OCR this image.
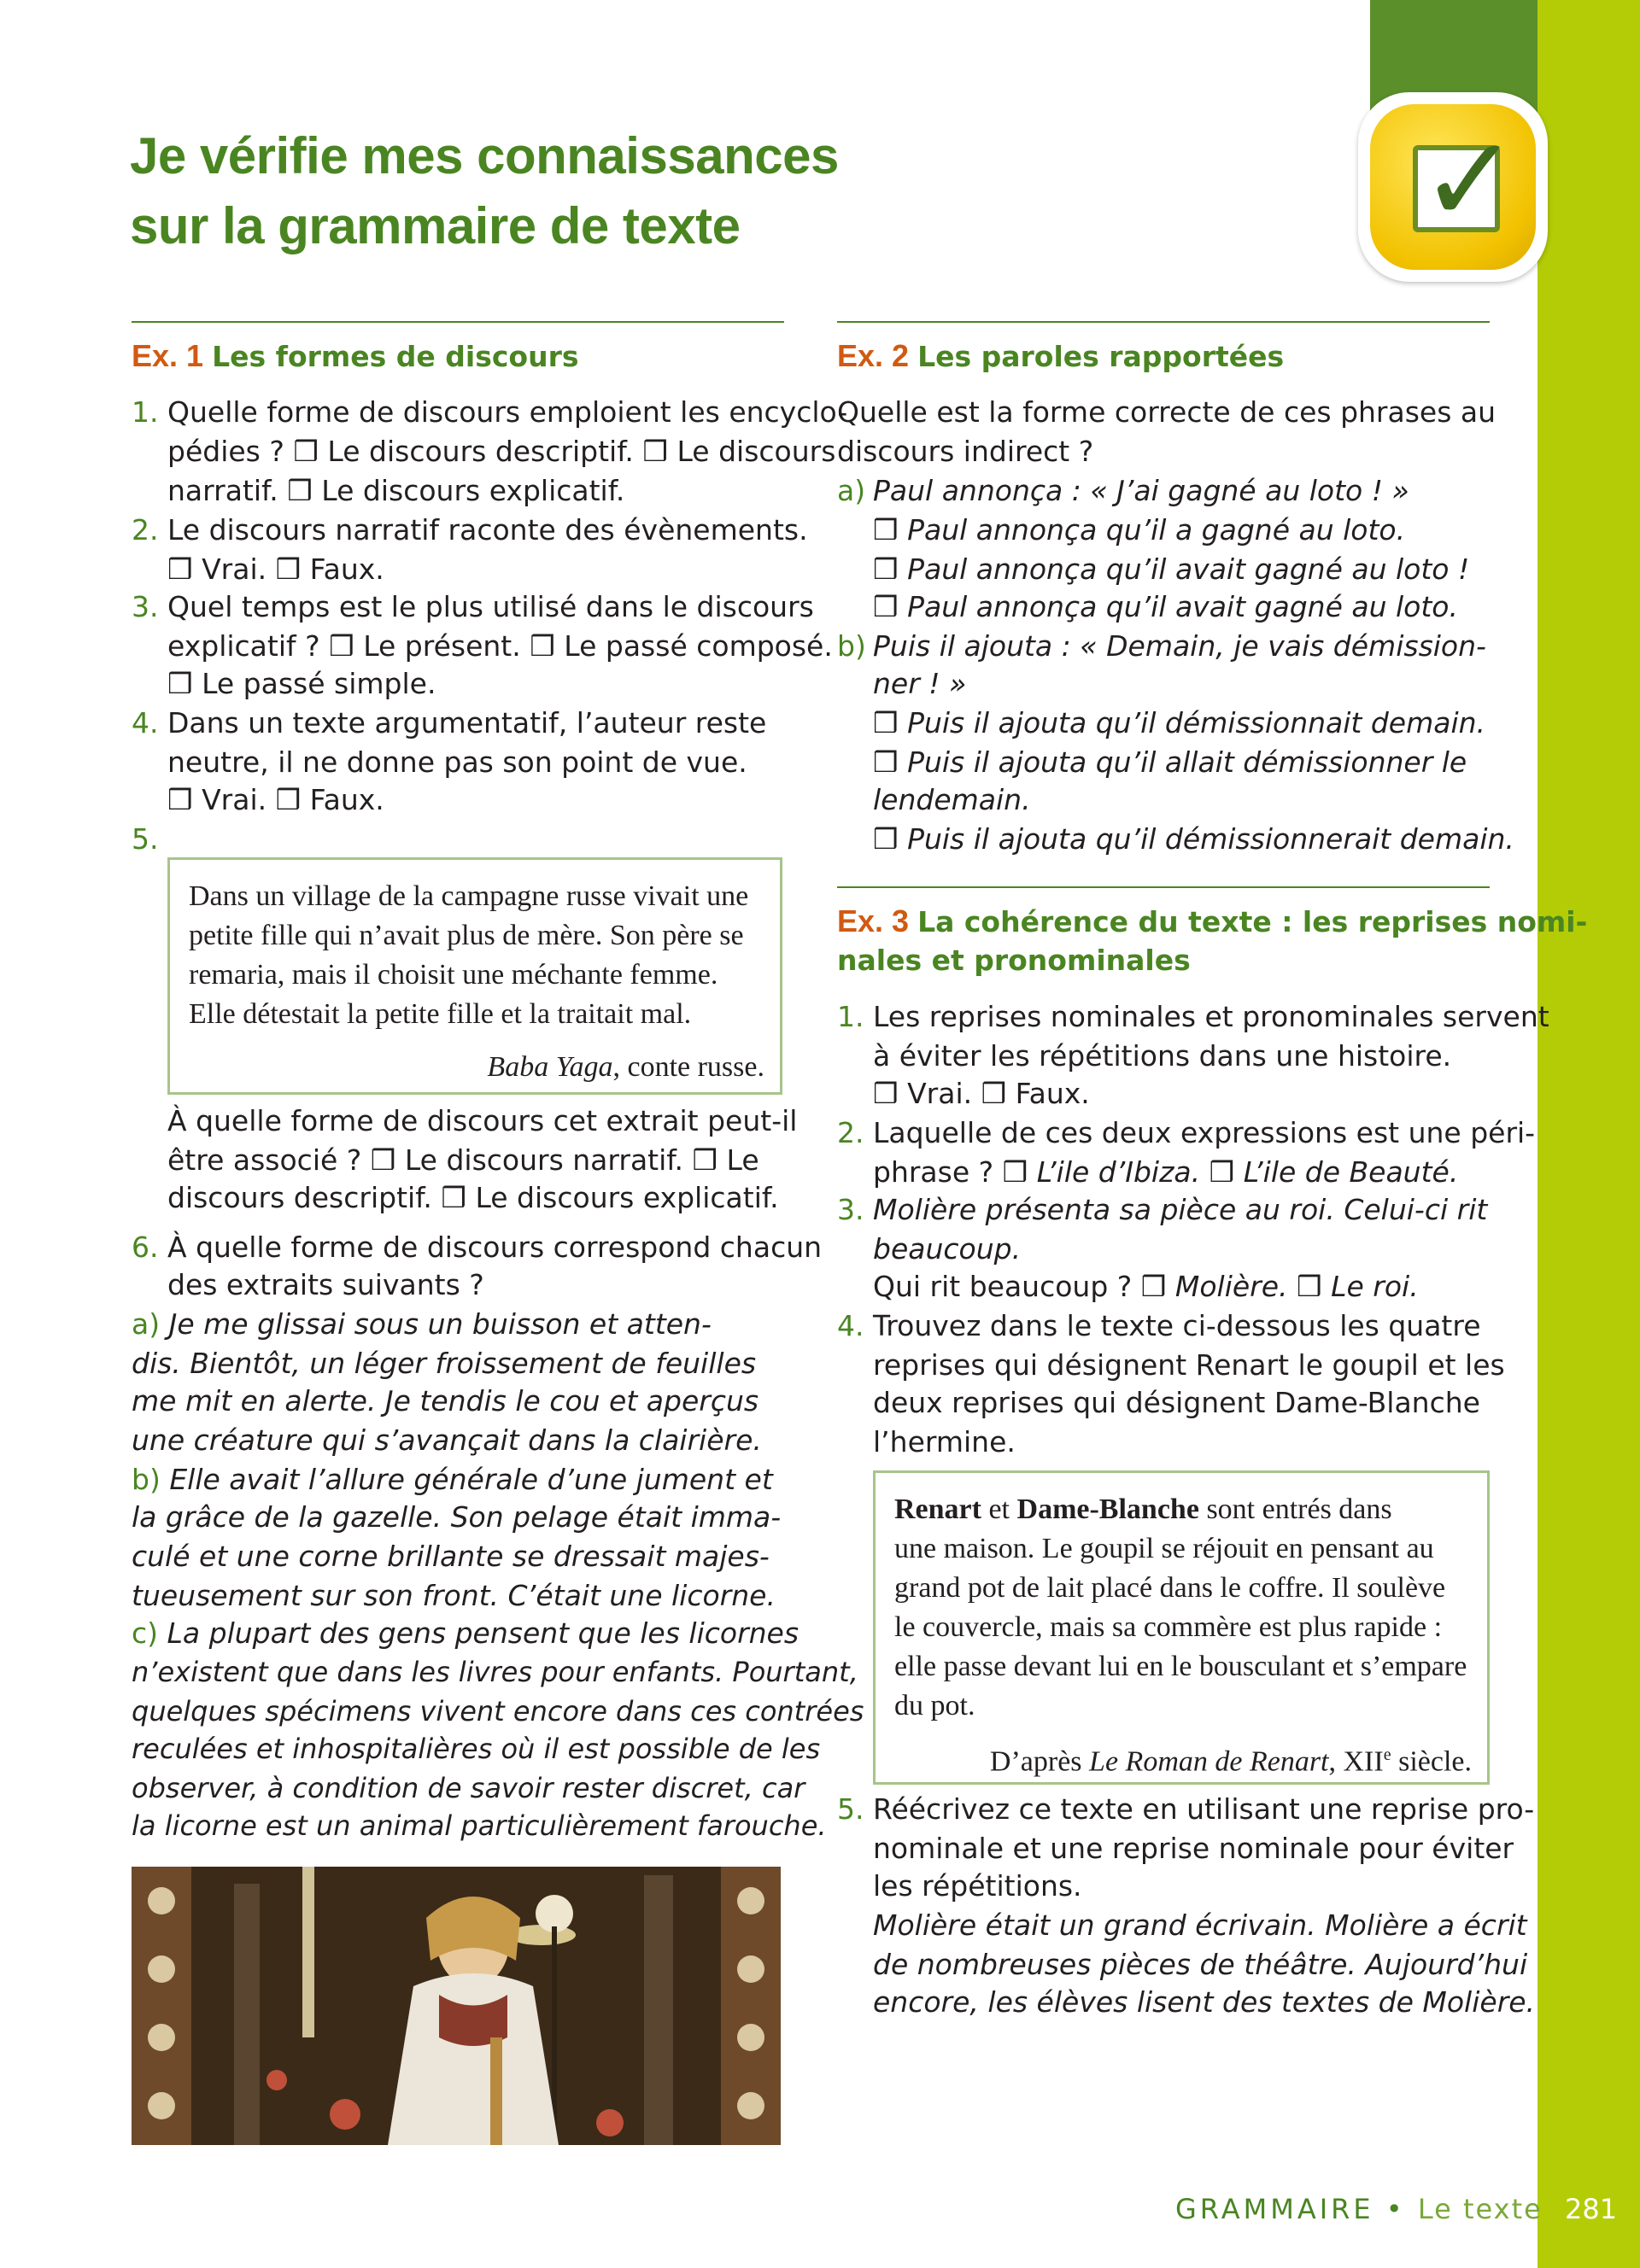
✓
Je vérifie mes connaissances
sur la grammaire de texte
Ex. 1 Les formes de discours
1.
2.
3.
4.
5.
6.
Quelle forme de discours emploient les encyclo-
pédies ? ❒ Le discours descriptif. ❒ Le discours
narratif. ❒ Le discours explicatif.
Le discours narratif raconte des évènements.
❒ Vrai. ❒ Faux.
Quel temps est le plus utilisé dans le discours
explicatif ? ❒ Le présent. ❒ Le passé composé.
❒ Le passé simple.
Dans un texte argumentatif, l’auteur reste
neutre, il ne donne pas son point de vue.
❒ Vrai. ❒ Faux.
Dans un village de la campagne russe vivait une
petite fille qui n’avait plus de mère. Son père se
remaria, mais il choisit une méchante femme.
Elle détestait la petite fille et la traitait mal.
Baba Yaga, conte russe.
À quelle forme de discours cet extrait peut-il
être associé ? ❒ Le discours narratif. ❒ Le
discours descriptif. ❒ Le discours explicatif.
À quelle forme de discours correspond chacun
des extraits suivants ?
a) Je me glissai sous un buisson et atten-
dis. Bientôt, un léger froissement de feuilles
me mit en alerte. Je tendis le cou et aperçus
une créature qui s’avançait dans la clairière.
b) Elle avait l’allure générale d’une jument et
la grâce de la gazelle. Son pelage était imma-
culé et une corne brillante se dressait majes-
tueusement sur son front. C’était une licorne.
c) La plupart des gens pensent que les licornes
n’existent que dans les livres pour enfants. Pourtant,
quelques spécimens vivent encore dans ces contrées
reculées et inhospitalières où il est possible de les
observer, à condition de savoir rester discret, car
la licorne est un animal particulièrement farouche.
Ex. 2 Les paroles rapportées
Quelle est la forme correcte de ces phrases au
discours indirect ?
a) Paul annonça : « J’ai gagné au loto ! »
❒ Paul annonça qu’il a gagné au loto.
❒ Paul annonça qu’il avait gagné au loto !
❒ Paul annonça qu’il avait gagné au loto.
b) Puis il ajouta : « Demain, je vais démission-
ner ! »
❒ Puis il ajouta qu’il démissionnait demain.
❒ Puis il ajouta qu’il allait démissionner le
lendemain.
❒ Puis il ajouta qu’il démissionnerait demain.
Ex. 3 La cohérence du texte : les reprises nomi-
nales et pronominales
1.
2.
3.
4.
5.
Les reprises nominales et pronominales servent
à éviter les répétitions dans une histoire.
❒ Vrai. ❒ Faux.
Laquelle de ces deux expressions est une péri-
phrase ? ❒ L’ile d’Ibiza. ❒ L’ile de Beauté.
Molière présenta sa pièce au roi. Celui-ci rit
beaucoup.
Qui rit beaucoup ? ❒ Molière. ❒ Le roi.
Trouvez dans le texte ci-dessous les quatre
reprises qui désignent Renart le goupil et les
deux reprises qui désignent Dame-Blanche
l’hermine.
Renart et Dame-Blanche sont entrés dans
une maison. Le goupil se réjouit en pensant au
grand pot de lait placé dans le coffre. Il soulève
le couvercle, mais sa commère est plus rapide :
elle passe devant lui en le bousculant et s’empare
du pot.
D’après Le Roman de Renart, XIIe siècle.
Réécrivez ce texte en utilisant une reprise pro-
nominale et une reprise nominale pour éviter
les répétitions.
Molière était un grand écrivain. Molière a écrit
de nombreuses pièces de théâtre. Aujourd’hui
encore, les élèves lisent des textes de Molière.
GRAMMAIRE • Le texte 281
